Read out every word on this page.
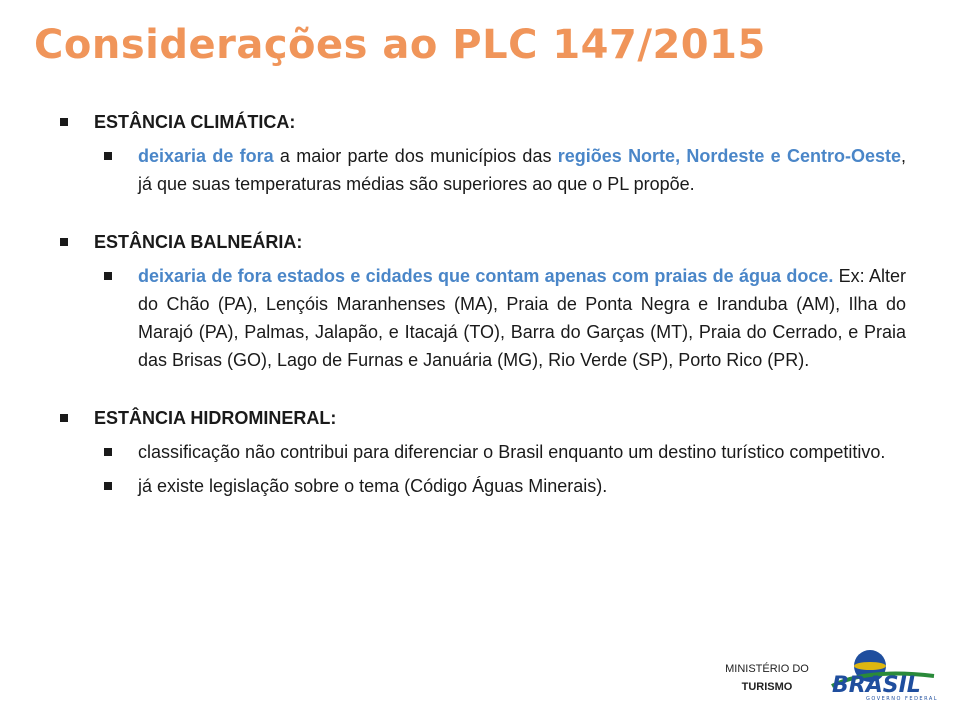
Considerações ao PLC 147/2015
ESTÂNCIA CLIMÁTICA:
deixaria de fora a maior parte dos municípios das regiões Norte, Nordeste e Centro-Oeste, já que suas temperaturas médias são superiores ao que o PL propõe.
ESTÂNCIA BALNEÁRIA:
deixaria de fora estados e cidades que contam apenas com praias de água doce. Ex: Alter do Chão (PA), Lençóis Maranhenses (MA), Praia de Ponta Negra e Iranduba (AM), Ilha do Marajó (PA), Palmas, Jalapão, e Itacajá (TO), Barra do Garças (MT), Praia do Cerrado, e Praia das Brisas (GO), Lago de Furnas e Januária (MG), Rio Verde (SP), Porto Rico (PR).
ESTÂNCIA HIDROMINERAL:
classificação não contribui para diferenciar o Brasil enquanto um destino turístico competitivo.
já existe legislação sobre o tema (Código Águas Minerais).
MINISTÉRIO DO
TURISMO	BRASIL
GOVERNO FEDERAL
